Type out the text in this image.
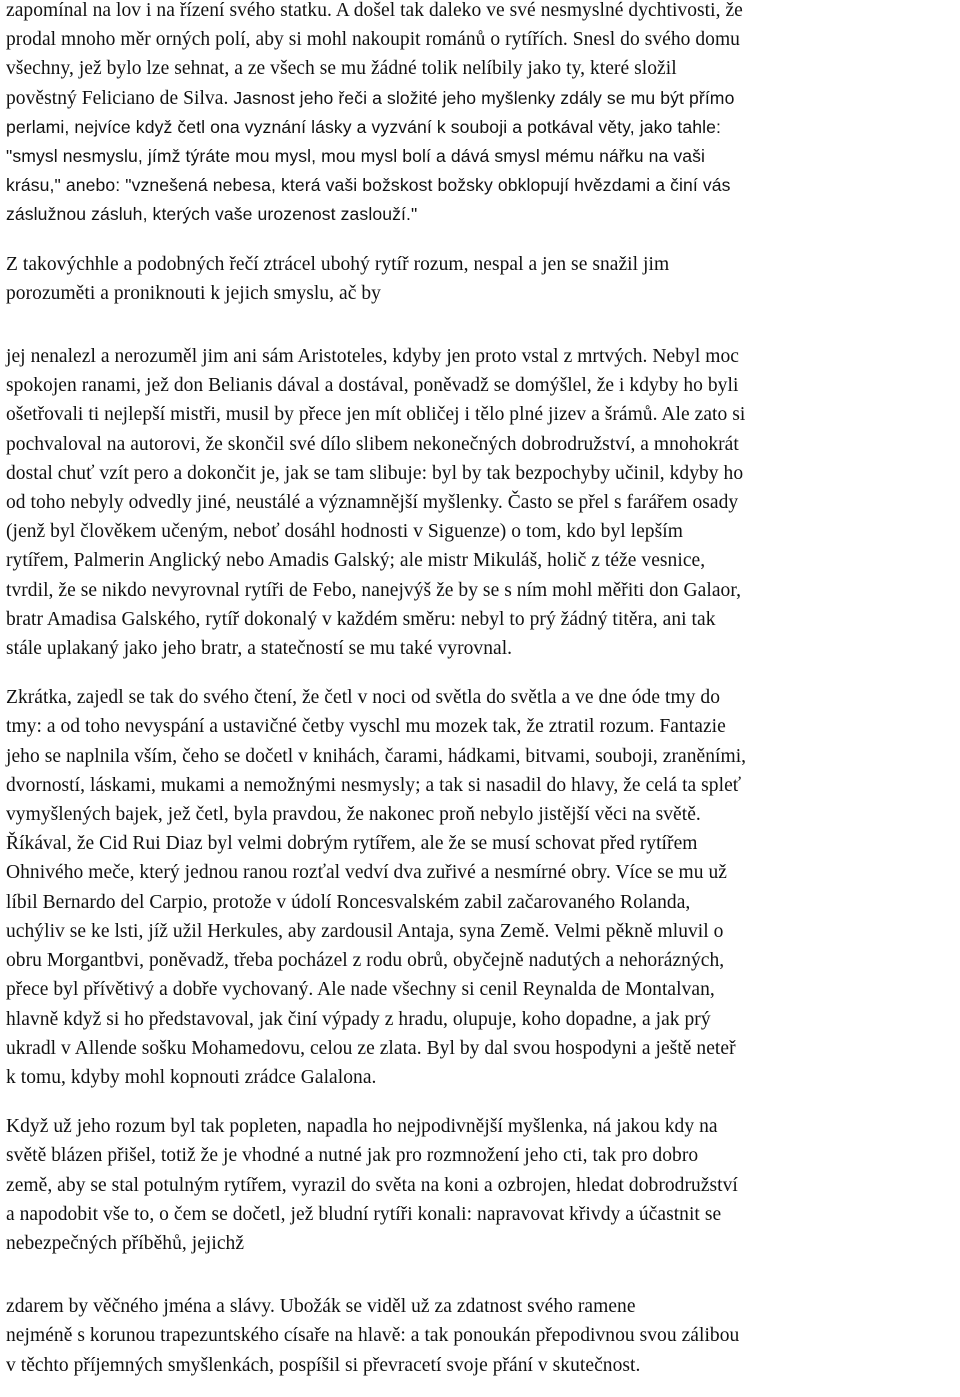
zapomínal na lov i na řízení svého statku. A došel tak daleko ve své nesmyslné dychtivosti, že
prodal mnoho měr orných polí, aby si mohl nakoupit románů o rytířích. Snesl do svého domu
všechny, jež bylo lze sehnat, a ze všech se mu žádné tolik nelíbily jako ty, které složil
pověstný Feliciano de Silva. Jasnost jeho řeči a složité jeho myšlenky zdály se mu být přímo
perlami, nejvíce když četl ona vyznání lásky a vyzvání k souboji a potkával věty, jako tahle:
"smysl nesmyslu, jímž týráte mou mysl, mou mysl bolí a dává smysl mému nářku na vaši
krásu," anebo: "vznešená nebesa, která vaši božskost božsky obklopují hvězdami a činí vás
záslužnou zásluh, kterých vaše urozenost zaslouží."

Z takovýchhle a podobných řečí ztrácel ubohý rytíř rozum, nespal a jen se snažil jim
porozuměti a proniknouti k jejich smyslu, ač by

jej nenalezl a nerozuměl jim ani sám Aristoteles, kdyby jen proto vstal z mrtvých. Nebyl moc
spokojen ranami, jež don Belianis dával a dostával, poněvadž se domýšlel, že i kdyby ho byli
ošetřovali ti nejlepší mistři, musil by přece jen mít obličej i tělo plné jizev a šrámů. Ale zato si
pochvaloval na autorovi, že skončil své dílo slibem nekonečných dobrodružství, a mnohokrát
dostal chuť vzít pero a dokončit je, jak se tam slibuje: byl by tak bezpochyby učinil, kdyby ho
od toho nebyly odvedly jiné, neustálé a významnější myšlenky. Často se přel s farářem osady
(jenž byl člověkem učeným, neboť dosáhl hodnosti v Siguenze) o tom, kdo byl lepším
rytířem, Palmerin Anglický nebo Amadis Galský; ale mistr Mikuláš, holič z téže vesnice,
tvrdil, že se nikdo nevyrovnal rytíři de Febo, nanejvýš že by se s ním mohl měřiti don Galaor,
bratr Amadisa Galského, rytíř dokonalý v každém směru: nebyl to prý žádný titěra, ani tak
stále uplakaný jako jeho bratr, a statečností se mu také vyrovnal.

Zkrátka, zajedl se tak do svého čtení, že četl v noci od světla do světla a ve dne óde tmy do
tmy: a od toho nevyspání a ustavičné četby vyschl mu mozek tak, že ztratil rozum. Fantazie
jeho se naplnila vším, čeho se dočetl v knihách, čarami, hádkami, bitvami, souboji, zraněními,
dvorností, láskami, mukami a nemožnými nesmysly; a tak si nasadil do hlavy, že celá ta spleť
vymyšlených bajek, jež četl, byla pravdou, že nakonec proň nebylo jistější věci na světě.
Říkával, že Cid Rui Diaz byl velmi dobrým rytířem, ale že se musí schovat před rytířem
Ohnivého meče, který jednou ranou rozťal vedví dva zuřivé a nesmírné obry. Více se mu už
líbil Bernardo del Carpio, protože v údolí Roncesvalském zabil začarovaného Rolanda,
uchýliv se ke lsti, jíž užil Herkules, aby zardousil Antaja, syna Země. Velmi pěkně mluvil o
obru Morgantbvi, poněvadž, třeba pocházel z rodu obrů, obyčejně nadutých a nehorázných,
přece byl přívětivý a dobře vychovaný. Ale nade všechny si cenil Reynalda de Montalvan,
hlavně když si ho představoval, jak činí výpady z hradu, olupuje, koho dopadne, a jak prý
ukradl v Allende sošku Mohamedovu, celou ze zlata. Byl by dal svou hospodyni a ještě neteř
k tomu, kdyby mohl kopnouti zrádce Galalona.

Když už jeho rozum byl tak popleten, napadla ho nejpodivnější myšlenka, ná jakou kdy na
světě blázen přišel, totiž že je vhodné a nutné jak pro rozmnožení jeho cti, tak pro dobro
země, aby se stal potulným rytířem, vyrazil do světa na koni a ozbrojen, hledat dobrodružství
a napodobit vše to, o čem se dočetl, jež bludní rytíři konali: napravovat křivdy a účastnit se
nebezpečných příběhů, jejichž

zdarem by věčného jména a slávy. Ubožák se viděl už za zdatnost svého ramene
nejméně s korunou trapezuntského císaře na hlavě: a tak ponoukán přepodivnou svou zálibou
v těchto příjemných smyšlenkách, pospíšil si převracetí svoje přání v skutečnost.
